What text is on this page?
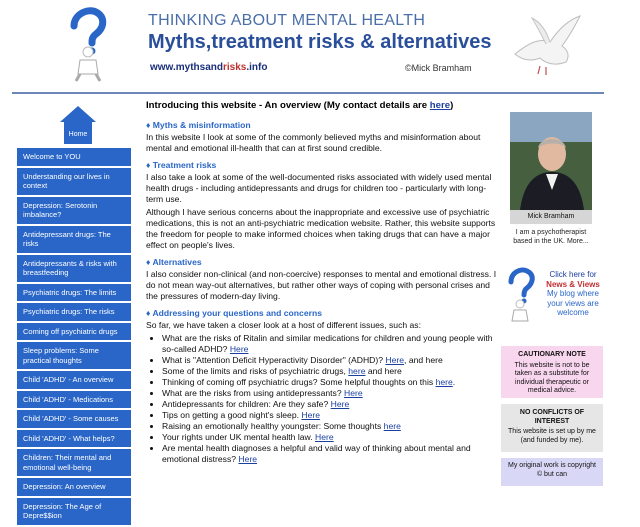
THINKING ABOUT MENTAL HEALTH
Myths,treatment risks & alternatives
www.mythsandrisks.info	©Mick Bramham
Home
Welcome to YOU
Understanding our lives in context
Depression: Serotonin imbalance?
Antidepressant drugs: The risks
Antidepressants & risks with breastfeeding
Psychiatric drugs: The limits
Psychiatric drugs: The risks
Coming off psychiatric drugs
Sleep problems: Some practical thoughts
Child 'ADHD' - An overview
Child 'ADHD' - Medications
Child 'ADHD' - Some causes
Child 'ADHD' - What helps?
Children: Their mental and emotional well-being
Depression: An overview
Depression: The Age of Depre$$ion
Introducing this website - An overview (My contact details are here)
♦ Myths & misinformation

In this website I look at some of the commonly believed myths and misinformation about mental and emotional ill-health that can at first sound credible.

♦ Treatment risks

I also take a look at some of the well-documented risks associated with widely used mental health drugs - including antidepressants and drugs for children too - particularly with long-term use.

Although I have serious concerns about the inappropriate and excessive use of psychiatric medications, this is not an anti-psychiatric medication website. Rather, this website supports the freedom for people to make informed choices when taking drugs that can have a major effect on people's lives.

♦ Alternatives

I also consider non-clinical (and non-coercive) responses to mental and emotional distress. I do not mean way-out alternatives, but rather other ways of coping with personal crises and the pressures of modern-day living.

♦ Addressing your questions and concerns

So far, we have taken a closer look at a host of different issues, such as:

• What are the risks of Ritalin and similar medications for children and young people with so-called ADHD? Here
• What is "Attention Deficit Hyperactivity Disorder" (ADHD)? Here, and here
• Some of the limits and risks of psychiatric drugs, here and here
• Thinking of coming off psychiatric drugs? Some helpful thoughts on this here.
• What are the risks from using antidepressants? Here
• Antidepressants for children: Are they safe? Here
• Tips on getting a good night's sleep. Here
• Raising an emotionally healthy youngster: Some thoughts here
• Your rights under UK mental health law. Here
• Are mental health diagnoses a helpful and valid way of thinking about mental and emotional distress? Here
Mick Bramham
I am a psychotherapist based in the UK. More...
Click here for
News & Views
My blog where your views are welcome
CAUTIONARY NOTE
This website is not to be taken as a substitute for individual therapeutic or medical advice.
NO CONFLICTS OF INTEREST
This website is set up by me (and funded by me).
My original work is copyright © but can
